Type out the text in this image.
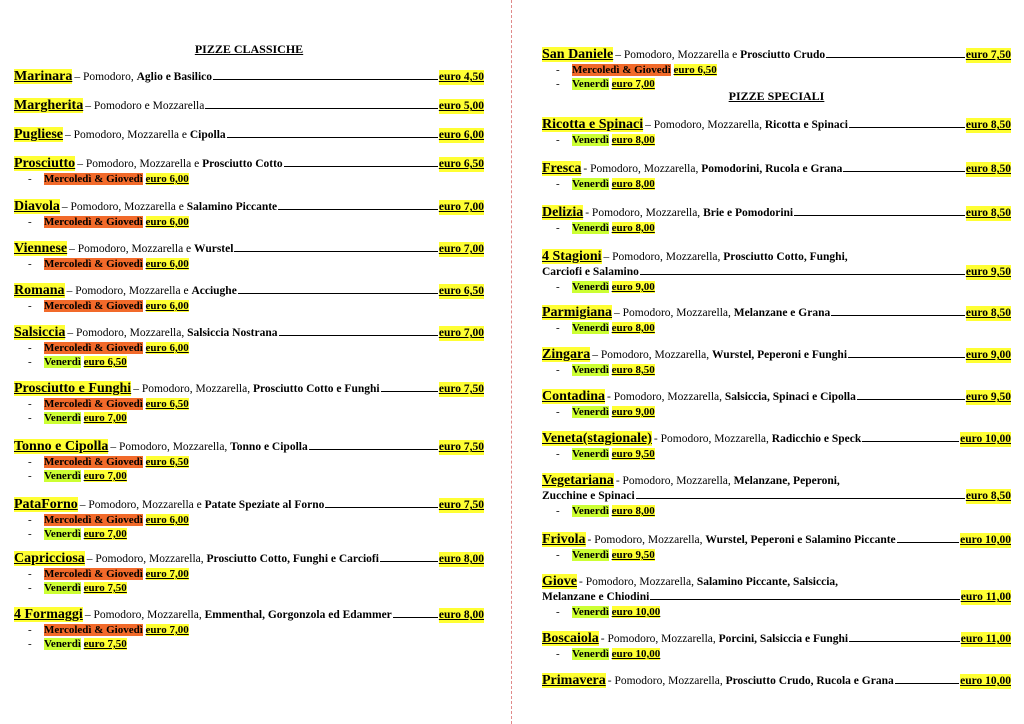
PIZZE CLASSICHE
Marinara – Pomodoro, Aglio e Basilico	euro 4,50
Margherita – Pomodoro e Mozzarella	euro 5,00
Pugliese – Pomodoro, Mozzarella e Cipolla	euro 6,00
Prosciutto – Pomodoro, Mozzarella e Prosciutto Cotto	euro 6,50
- Mercoledì & Giovedì euro 6,00
Diavola – Pomodoro, Mozzarella e Salamino Piccante	euro 7,00
- Mercoledì & Giovedì euro 6,00
Viennese – Pomodoro, Mozzarella e Wurstel	euro 7,00
- Mercoledì & Giovedì euro 6,00
Romana – Pomodoro, Mozzarella e Acciughe	euro 6,50
- Mercoledì & Giovedì euro 6,00
Salsiccia – Pomodoro, Mozzarella, Salsiccia Nostrana	euro 7,00
- Mercoledì & Giovedì euro 6,00
- Venerdì euro 6,50
Prosciutto e Funghi – Pomodoro, Mozzarella, Prosciutto Cotto e Funghi	euro 7,50
- Mercoledì & Giovedì euro 6,50
- Venerdì euro 7,00
Tonno e Cipolla – Pomodoro, Mozzarella, Tonno e Cipolla	euro 7,50
- Mercoledì & Giovedì euro 6,50
- Venerdì euro 7,00
PataForno – Pomodoro, Mozzarella e Patate Speziate al Forno	euro 7,50
- Mercoledì & Giovedì euro 6,00
- Venerdì euro 7,00
Capricciosa – Pomodoro, Mozzarella, Prosciutto Cotto, Funghi e Carciofi	euro 8,00
- Mercoledì & Giovedì euro 7,00
- Venerdì euro 7,50
4 Formaggi – Pomodoro, Mozzarella, Emmenthal, Gorgonzola ed Edammer	euro 8,00
- Mercoledì & Giovedì euro 7,00
- Venerdì euro 7,50
PIZZE SPECIALI
San Daniele – Pomodoro, Mozzarella e Prosciutto Crudo	euro 7,50
- Mercoledì & Giovedì euro 6,50
- Venerdì euro 7,00
Ricotta e Spinaci – Pomodoro, Mozzarella, Ricotta e Spinaci	euro 8,50
- Venerdì euro 8,00
Fresca - Pomodoro, Mozzarella, Pomodorini, Rucola e Grana	euro 8,50
- Venerdì euro 8,00
Delizia - Pomodoro, Mozzarella, Brie e Pomodorini	euro 8,50
- Venerdì euro 8,00
4 Stagioni – Pomodoro, Mozzarella, Prosciutto Cotto, Funghi,
Carciofi e Salamino	euro 9,50
- Venerdì euro 9,00
Parmigiana – Pomodoro, Mozzarella, Melanzane e Grana	euro 8,50
- Venerdì euro 8,00
Zingara – Pomodoro, Mozzarella, Wurstel, Peperoni e Funghi	euro 9,00
- Venerdì euro 8,50
Contadina - Pomodoro, Mozzarella, Salsiccia, Spinaci e Cipolla	euro 9,50
- Venerdì euro 9,00
Veneta(stagionale) - Pomodoro, Mozzarella, Radicchio e Speck	euro 10,00
- Venerdì euro 9,50
Vegetariana - Pomodoro, Mozzarella, Melanzane, Peperoni,
Zucchine e Spinaci	euro 8,50
- Venerdì euro 8,00
Frivola - Pomodoro, Mozzarella, Wurstel, Peperoni e Salamino Piccante	euro 10,00
- Venerdì euro 9,50
Giove - Pomodoro, Mozzarella, Salamino Piccante, Salsiccia,
Melanzane e Chiodini	euro 11,00
- Venerdì euro 10,00
Boscaiola - Pomodoro, Mozzarella, Porcini, Salsiccia e Funghi	euro 11,00
- Venerdì euro 10,00
Primavera - Pomodoro, Mozzarella, Prosciutto Crudo, Rucola e Grana	euro 10,00
